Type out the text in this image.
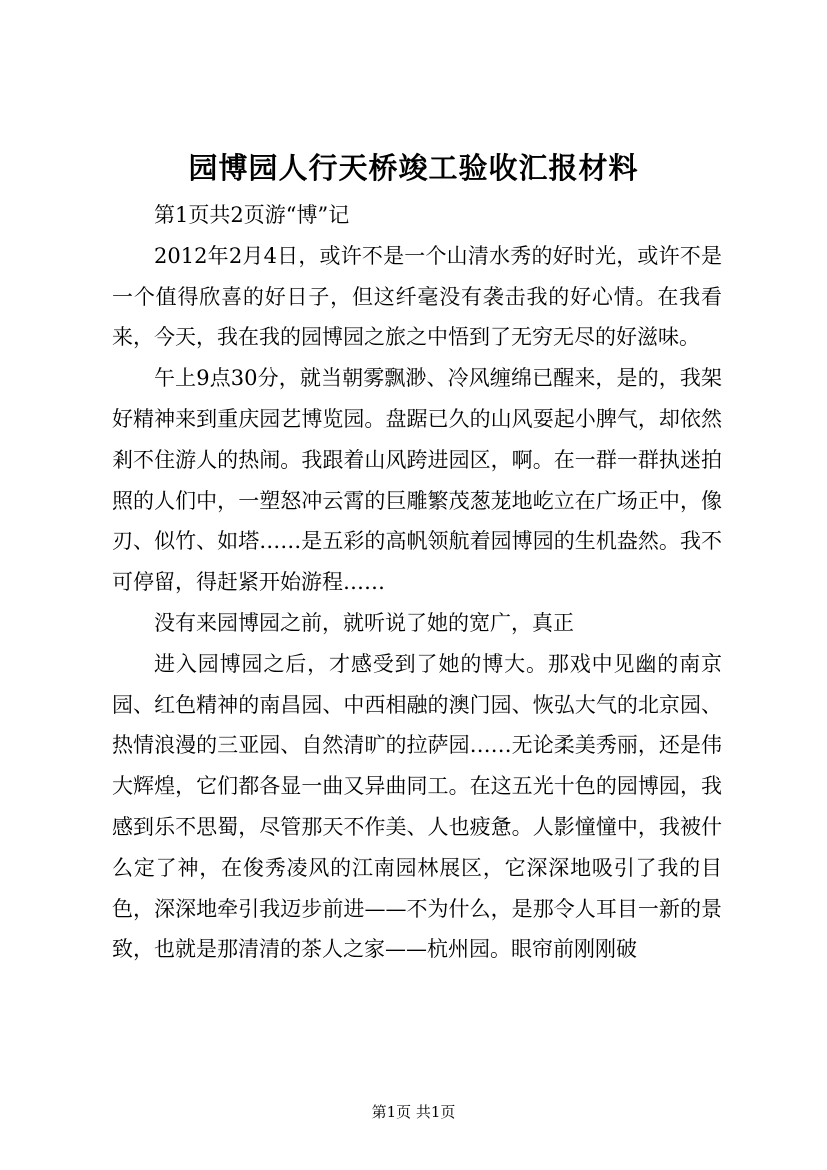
园博园人行天桥竣工验收汇报材料

第1页共2页游“博”记

2012年2月4日，或许不是一个山清水秀的好时光，或许不是一个值得欣喜的好日子，但这纤毫没有袭击我的好心情。在我看来，今天，我在我的园博园之旅之中悟到了无穷无尽的好滋味。

午上9点30分，就当朝雾飘渺、冷风缠绵已醒来，是的，我架好精神来到重庆园艺博览园。盘踞已久的山风耍起小脾气，却依然剎不住游人的热闹。我跟着山风跨进园区，啊。在一群一群执迷拍照的人们中，一塑怒冲云霄的巨雕繁茂葱茏地屹立在广场正中，像刃、似竹、如塔……是五彩的高帆领航着园博园的生机盎然。我不可停留，得赶紧开始游程……

没有来园博园之前，就听说了她的宽广，真正

进入园博园之后，才感受到了她的博大。那戏中见幽的南京园、红色精神的南昌园、中西相融的澳门园、恢弘大气的北京园、热情浪漫的三亚园、自然清旷的拉萨园……无论柔美秀丽，还是伟大辉煌，它们都各显一曲又异曲同工。在这五光十色的园博园，我感到乐不思蜀，尽管那天不作美、人也疲惫。人影憧憧中，我被什么定了神，在俊秀凌风的江南园林展区，它深深地吸引了我的目色，深深地牵引我迈步前进——不为什么，是那令人耳目一新的景致，也就是那清清的茶人之家——杭州园。眼帘前刚刚破

第1页 共1页
